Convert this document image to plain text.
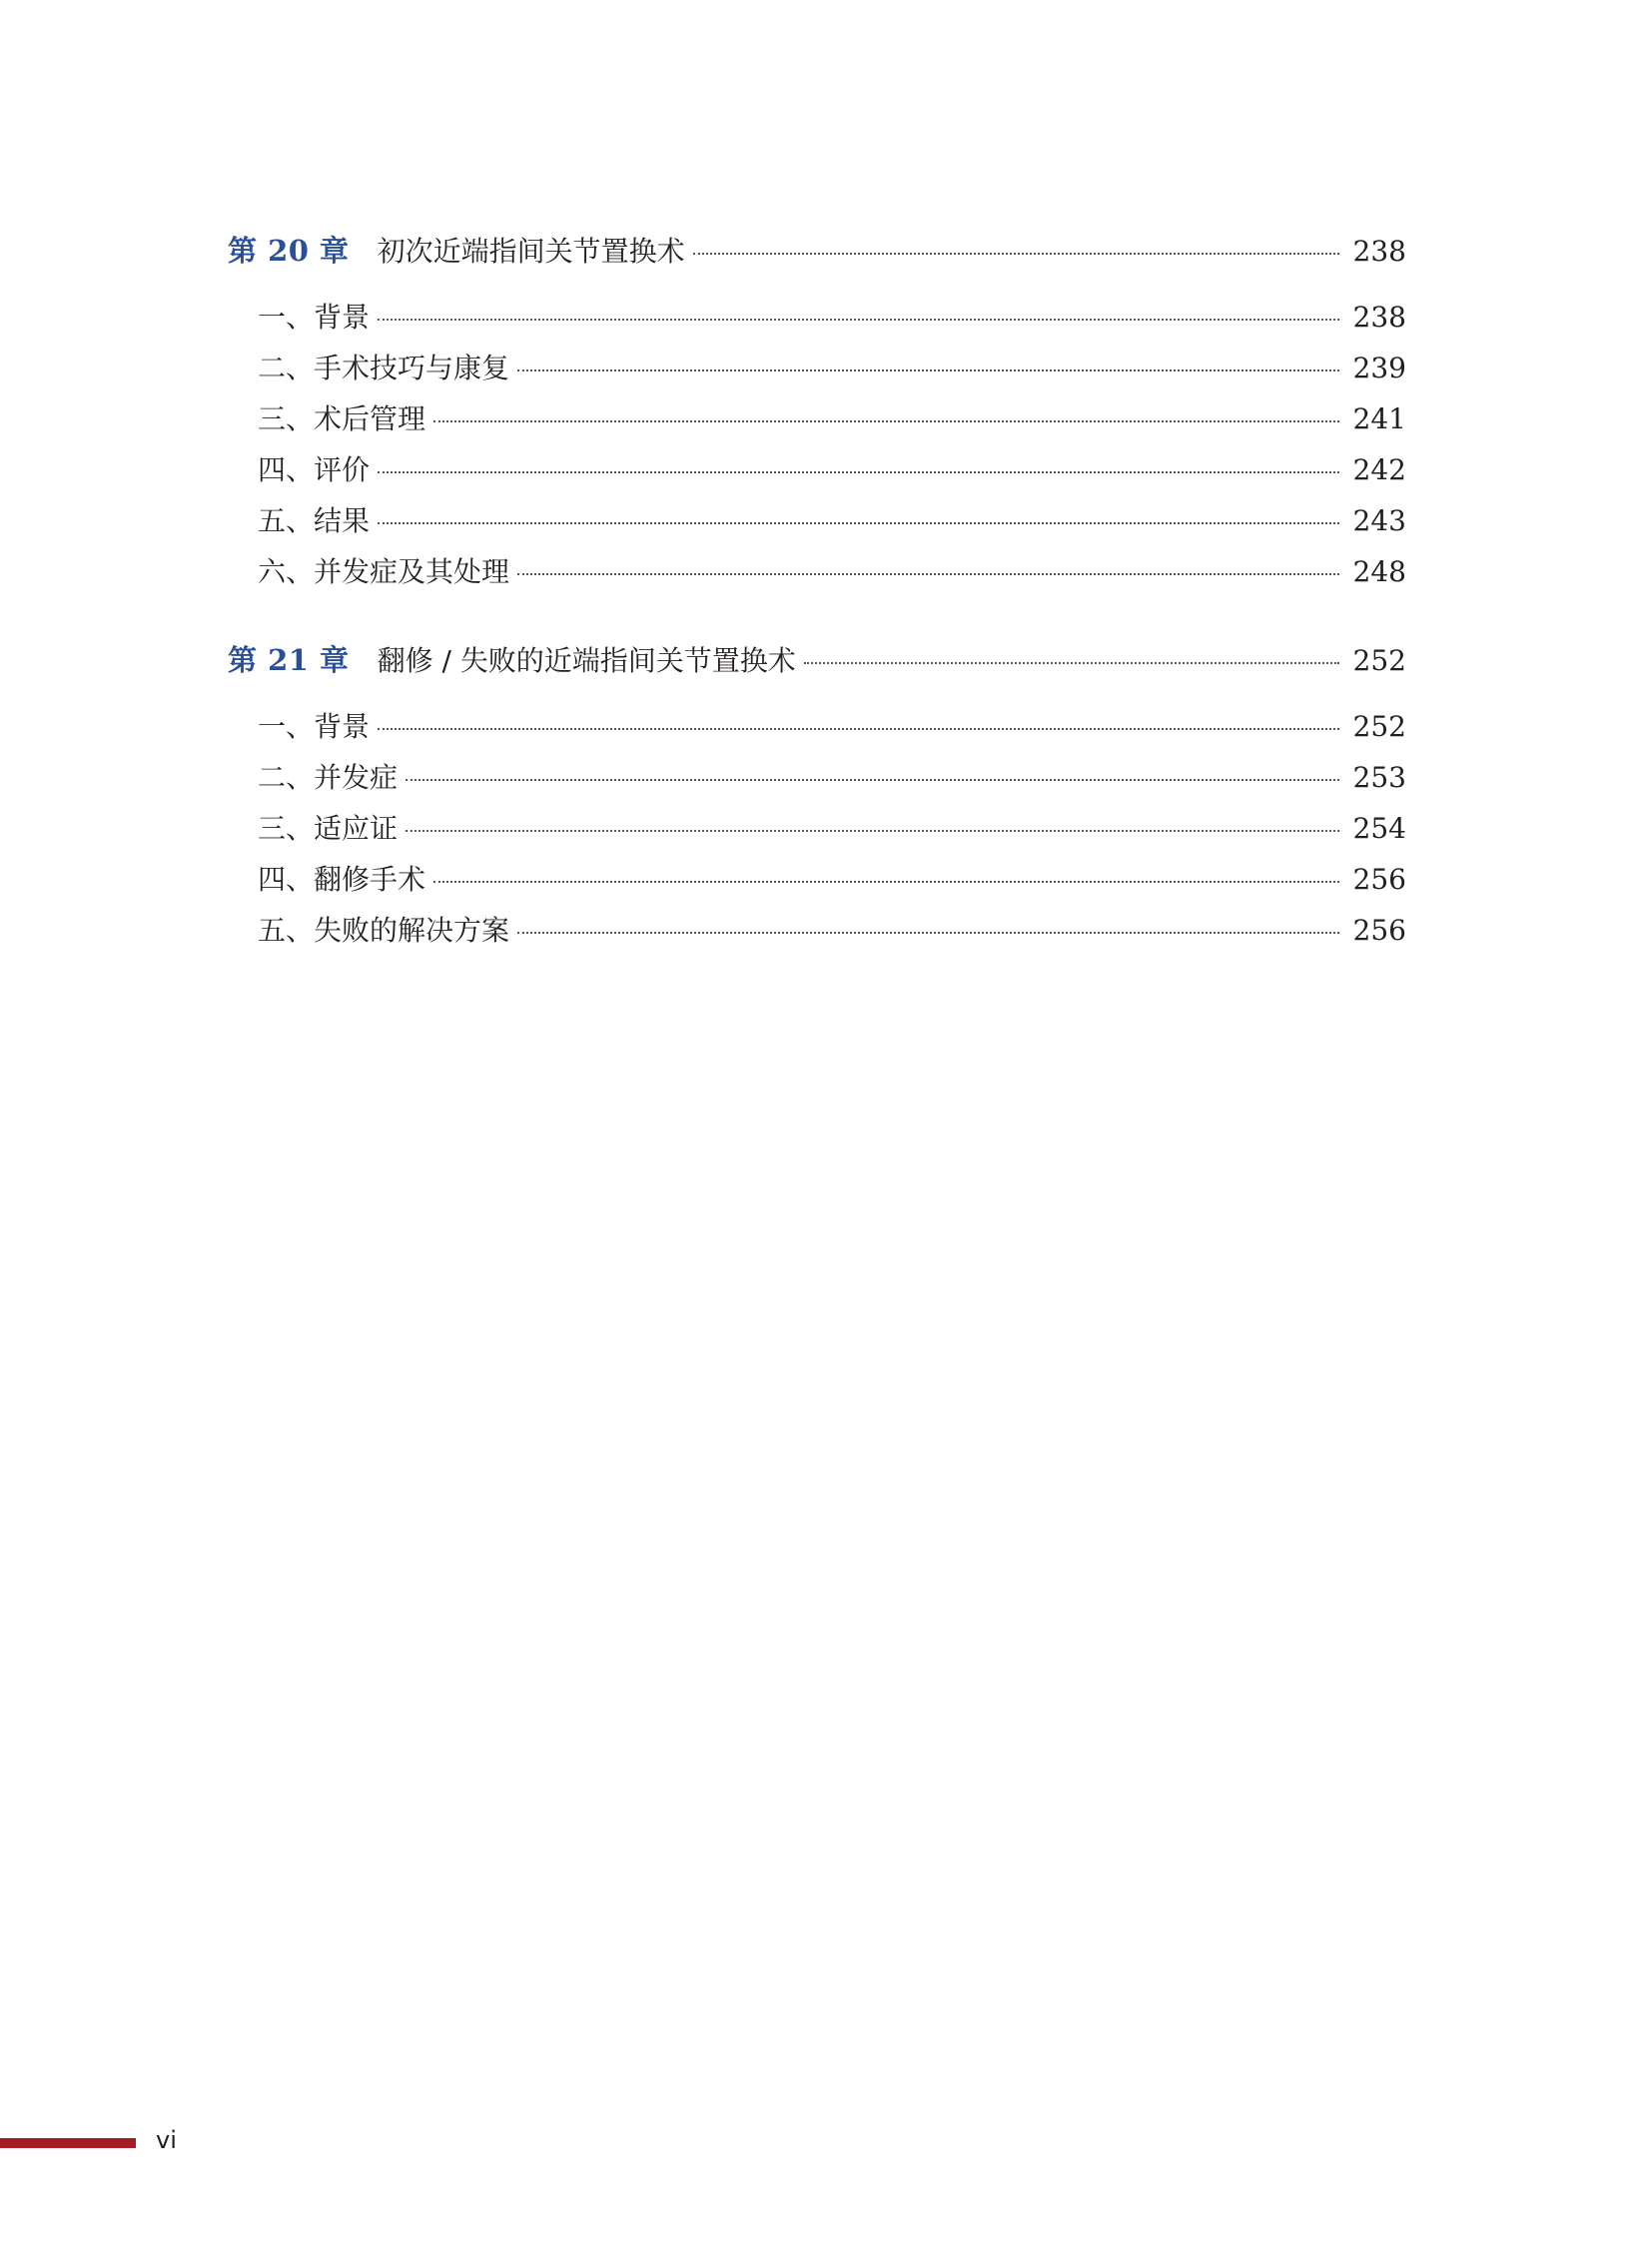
第 20 章 初次近端指间关节置换术	238
一、背景	238
二、手术技巧与康复	239
三、术后管理	241
四、评价	242
五、结果	243
六、并发症及其处理	248
第 21 章 翻修 / 失败的近端指间关节置换术	252
一、背景	252
二、并发症	253
三、适应证	254
四、翻修手术	256
五、失败的解决方案	256
vi
